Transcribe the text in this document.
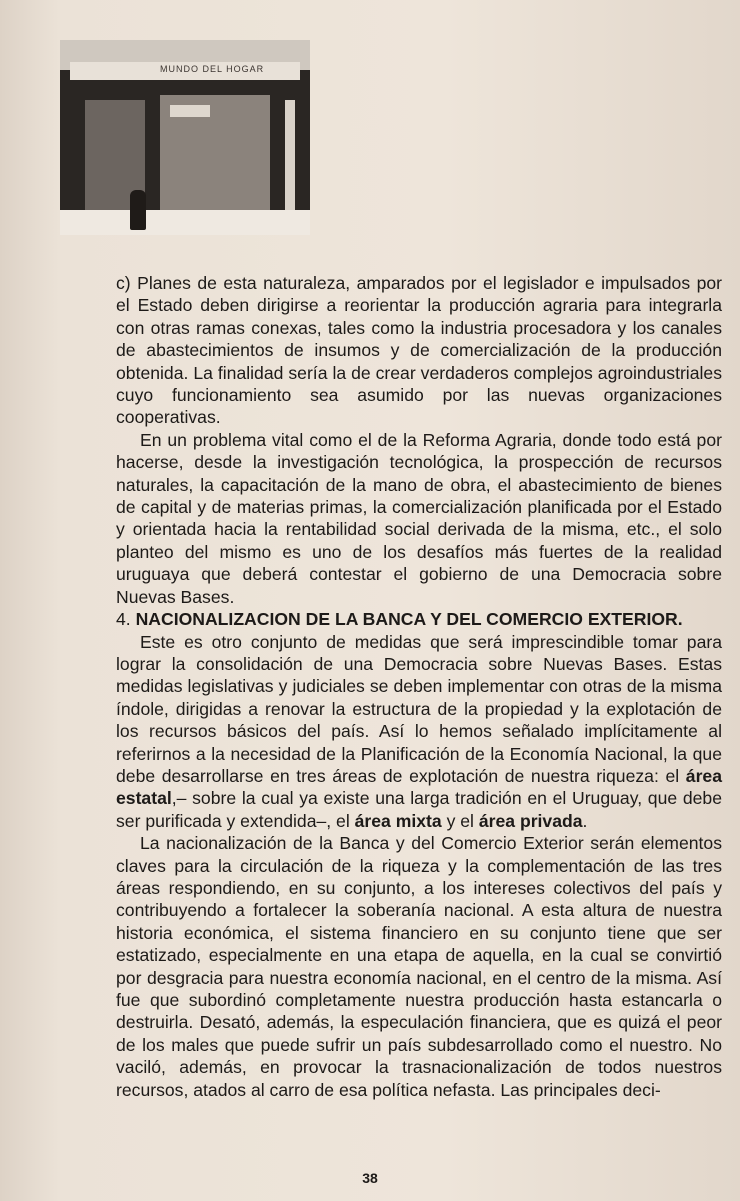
MUNDO DEL HOGAR

c) Planes de esta naturaleza, amparados por el legislador e impulsados por el Estado deben dirigirse a reorientar la producción agraria para integrarla con otras ramas conexas, tales como la industria procesadora y los canales de abastecimientos de insumos y de comercialización de la producción obtenida. La finalidad sería la de crear verdaderos complejos agroindustriales cuyo funcionamiento sea asumido por las nuevas organizaciones cooperativas.

En un problema vital como el de la Reforma Agraria, donde todo está por hacerse, desde la investigación tecnológica, la prospección de recursos naturales, la capacitación de la mano de obra, el abastecimiento de bienes de capital y de materias primas, la comercialización planificada por el Estado y orientada hacia la rentabilidad social derivada de la misma, etc., el solo planteo del mismo es uno de los desafíos más fuertes de la realidad uruguaya que deberá contestar el gobierno de una Democracia sobre Nuevas Bases.

4. NACIONALIZACION DE LA BANCA Y DEL COMERCIO EXTERIOR.

Este es otro conjunto de medidas que será imprescindible tomar para lograr la consolidación de una Democracia sobre Nuevas Bases. Estas medidas legislativas y judiciales se deben implementar con otras de la misma índole, dirigidas a renovar la estructura de la propiedad y la explotación de los recursos básicos del país. Así lo hemos señalado implícitamente al referirnos a la necesidad de la Planificación de la Economía Nacional, la que debe desarrollarse en tres áreas de explotación de nuestra riqueza: el área estatal,– sobre la cual ya existe una larga tradición en el Uruguay, que debe ser purificada y extendida–, el área mixta y el área privada.

La nacionalización de la Banca y del Comercio Exterior serán elementos claves para la circulación de la riqueza y la complementación de las tres áreas respondiendo, en su conjunto, a los intereses colectivos del país y contribuyendo a fortalecer la soberanía nacional. A esta altura de nuestra historia económica, el sistema financiero en su conjunto tiene que ser estatizado, especialmente en una etapa de aquella, en la cual se convirtió por desgracia para nuestra economía nacional, en el centro de la misma. Así fue que subordinó completamente nuestra producción hasta estancarla o destruirla. Desató, además, la especulación financiera, que es quizá el peor de los males que puede sufrir un país subdesarrollado como el nuestro. No vaciló, además, en provocar la trasnacionalización de todos nuestros recursos, atados al carro de esa política nefasta. Las principales deci-

38
